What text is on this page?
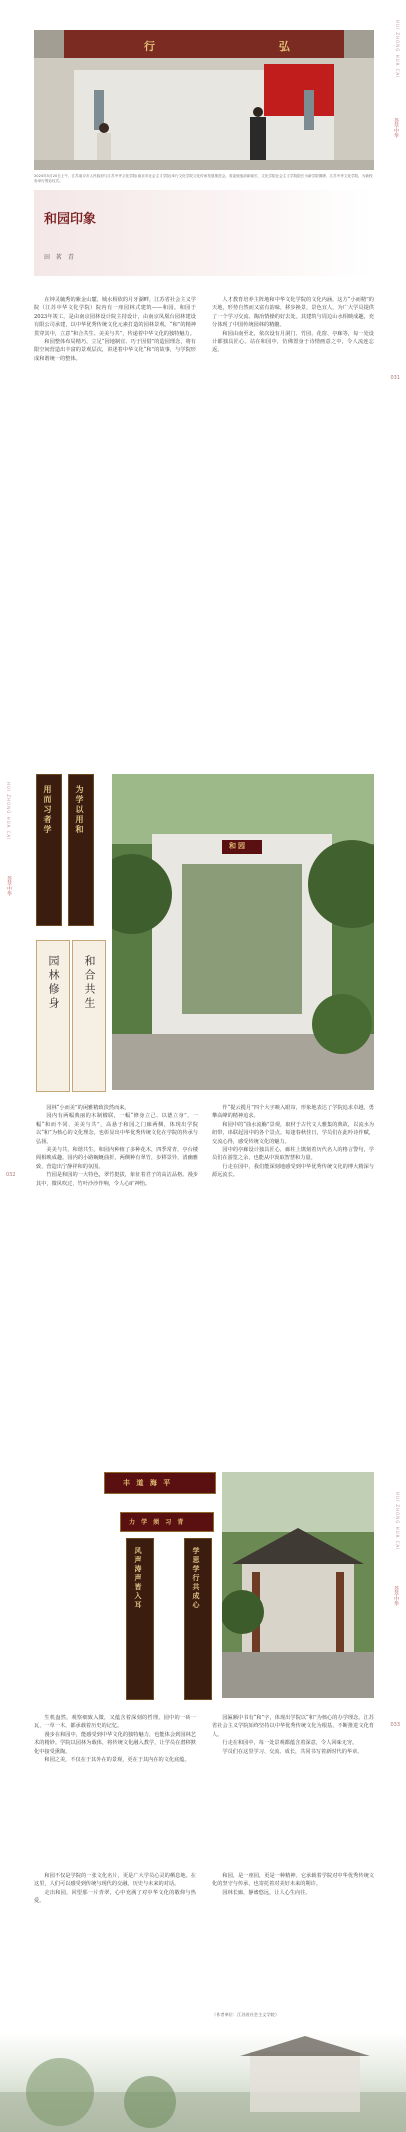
行 弘
2024年5月20日上午，江苏南京市人民政府与江苏中华文化学院(南京市社会主义学院)举行文化学院文化传承发展推进会。省委统战部副部长、文化学院社会主义学院院长为新学院揭牌，江苏中华文化学院，为新校舍举行剪彩仪式。
HUI ZHONG HUA CAI
荟萃中华
031
和园印象
田 茗 青

在钟灵毓秀的紫金山麓、城水相依的月牙湖畔，江苏省社会主义学院（江苏中华文化学院）院内有一座园林式建筑——和园。和园于2023年竣工，是由南京园林设计院主持设计，由南京凤凰台园林建设有限公司承建，以中华优秀传统文化元素打造的园林景观。“和”的精神贯穿其中，立意“和合共生、美美与共”，传递着中华文化的独特魅力。

和园整体布局精巧，立足“因地制宜、巧于因借”的造园理念，将有限空间营造出丰富的景观层次，讲述着中华文化“和”的故事，与学院形成和谐统一的整体。

人才教育培养主阵地和中华文化学院的文化内涵，这方“小而精”的天地，形势自然而又富有韵味，移步换景，景色宜人，为广大学员提供了一个学习交流、陶冶情操的好去处。其建筑与周边山水相映成趣，充分体现了中国传统园林的精髓。

和园由南至北，依次设有月洞门、竹园、花窗、亭廊等，每一处设计都独具匠心。站在和园中，仿佛置身于诗情画意之中，令人流连忘返。

HUI ZHONG HUA CAI
荟萃中华
032
用而习者学	为学以用和
园林修身 和合共生
和园

园林“小而美”的闲雅精致淡然而来。

园内有两幅典丽的木制楹联，一幅“修身立己、以德立身”，一幅“和而不同、美美与共”，高悬于和园之门廊两侧，体现出学院以“和”为核心的文化理念，也彰显出中华优秀传统文化在学院的传承与弘扬。

美美与共，和谐共生。和园内种植了多种花木，四季常青，亭台楼阁相映成趣。园内的小路蜿蜒曲折，两侧种有翠竹，步移景异，清幽雅致，营造出宁静祥和的氛围。

竹园是和园的一大特色，翠竹挺拔，象征着君子的高洁品格。漫步其中，微风吹过，竹叶沙沙作响，令人心旷神怡。

作“提云揽月”四个大字映入眼帘，形象地表达了学院追求卓越、勇攀高峰的精神追求。

和园中的“曲水流觞”景观，取材于古代文人雅集的典故，以流水为纽带，串联起园中的各个景点。每逢春秋佳日，学员们在此吟诗作赋，交流心得，感受传统文化的魅力。

园中的亭廊设计独具匠心，廊柱上镌刻着历代名人的格言警句，学员们在游览之余，也能从中汲取智慧和力量。

行走在园中，我们能深刻地感受到中华优秀传统文化的博大精深与源远流长。

HUI ZHONG HUA CAI
荟萃中华
033
丰 道 海 平
力 学 须 习 青
风声涛声皆入耳	学思学行共成心

生机盎然，观察细致入微，又蕴含着深刻的哲理。园中的一砖一瓦，一草一木，都承载着历史的记忆。

漫步在和园中，能感受到中华文化的独特魅力，也能体会到园林艺术的精妙。学院以园林为载体，将传统文化融入教学，让学员在潜移默化中接受熏陶。

和园之美，不仅在于其外在的景观，更在于其内在的文化底蕴。

园匾额中书有“和”字，体现出学院以“和”为核心的办学理念。江苏省社会主义学院始终坚持以中华优秀传统文化为根基，不断推进文化育人。

行走在和园中，每一处景观都蕴含着深意，令人回味无穷。

学员们在这里学习、交流、成长，共同书写着新时代的华章。

和园不仅是学院的一张文化名片，更是广大学员心灵的栖息地。在这里，人们可以感受到传统与现代的交融，历史与未来的对话。

走出和园，回望那一片青翠，心中充满了对中华文化的敬仰与热爱。

和园，是一座园，更是一种精神。它承载着学院对中华优秀传统文化的坚守与传承，也寄托着对美好未来的期许。

园林长廊，静谧悠远，让人心生向往。

（作者单位：江苏省社会主义学院）
